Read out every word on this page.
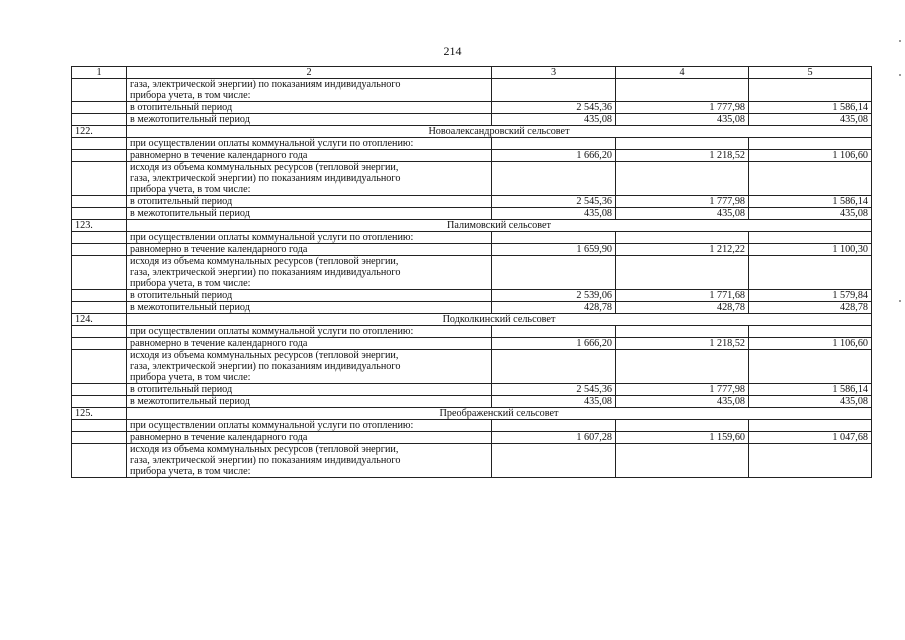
214
1	2	3	4	5

	газа, электрической энергии) по показаниям индивидуального
прибора учета, в том числе:			

	в отопительный период	2 545,36	1 777,98	1 586,14

	в межотопительный период	435,08	435,08	435,08
122.	Новоалександровский сельсовет			

	при осуществлении оплаты коммунальной услуги по отоплению:			

	равномерно в течение календарного года	1 666,20	1 218,52	1 106,60

	исходя из объема коммунальных ресурсов (тепловой энергии,
газа, электрической энергии) по показаниям индивидуального
прибора учета, в том числе:			

	в отопительный период	2 545,36	1 777,98	1 586,14

	в межотопительный период	435,08	435,08	435,08
123.	Палимовский сельсовет			

	при осуществлении оплаты коммунальной услуги по отоплению:			

	равномерно в течение календарного года	1 659,90	1 212,22	1 100,30

	исходя из объема коммунальных ресурсов (тепловой энергии,
газа, электрической энергии) по показаниям индивидуального
прибора учета, в том числе:			

	в отопительный период	2 539,06	1 771,68	1 579,84

	в межотопительный период	428,78	428,78	428,78
124.	Подколкинский сельсовет			

	при осуществлении оплаты коммунальной услуги по отоплению:			

	равномерно в течение календарного года	1 666,20	1 218,52	1 106,60

	исходя из объема коммунальных ресурсов (тепловой энергии,
газа, электрической энергии) по показаниям индивидуального
прибора учета, в том числе:			

	в отопительный период	2 545,36	1 777,98	1 586,14

	в межотопительный период	435,08	435,08	435,08
125.	Преображенский сельсовет			

	при осуществлении оплаты коммунальной услуги по отоплению:			

	равномерно в течение календарного года	1 607,28	1 159,60	1 047,68

	исходя из объема коммунальных ресурсов (тепловой энергии,
газа, электрической энергии) по показаниям индивидуального
прибора учета, в том числе:			
